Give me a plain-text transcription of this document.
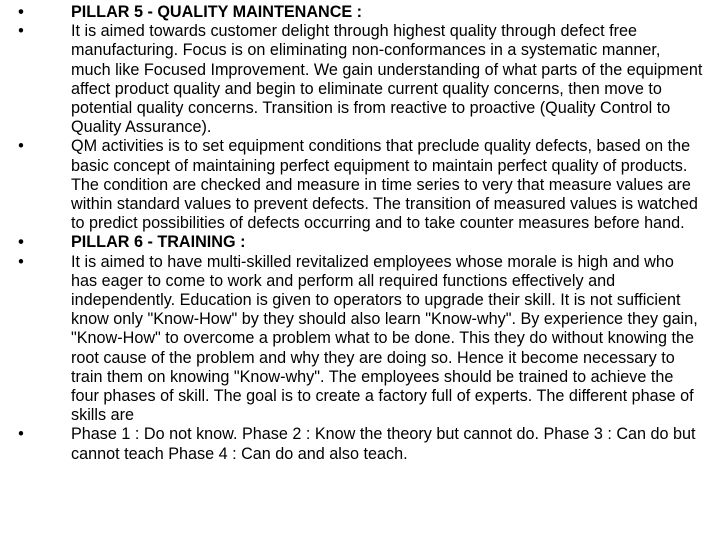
•	PILLAR 5 - QUALITY MAINTENANCE :
•	It is aimed towards customer delight through highest quality through defect free manufacturing. Focus is on eliminating non-conformances in a systematic manner, much like Focused Improvement. We gain understanding of what parts of the equipment affect product quality and begin to eliminate current quality concerns, then move to potential quality concerns. Transition is from reactive to proactive (Quality Control to Quality Assurance).
•	QM activities is to set equipment conditions that preclude quality defects, based on the basic concept of maintaining perfect equipment to maintain perfect quality of products. The condition are checked and measure in time series to very that measure values are within standard values to prevent defects. The transition of measured values is watched to predict possibilities of defects occurring and to take counter measures before hand.
•	PILLAR 6 - TRAINING :
•	It is aimed to have multi-skilled revitalized employees whose morale is high and who has eager to come to work and perform all required functions effectively and independently. Education is given to operators to upgrade their skill. It is not sufficient know only "Know-How" by they should also learn "Know-why". By experience they gain, "Know-How" to overcome a problem what to be done. This they do without knowing the root cause of the problem and why they are doing so. Hence it become necessary to train them on knowing "Know-why". The employees should be trained to achieve the four phases of skill. The goal is to create a factory full of experts. The different phase of skills are
•	Phase 1 : Do not know. Phase 2 : Know the theory but cannot do. Phase 3 : Can do but cannot teach Phase 4 : Can do and also teach.
